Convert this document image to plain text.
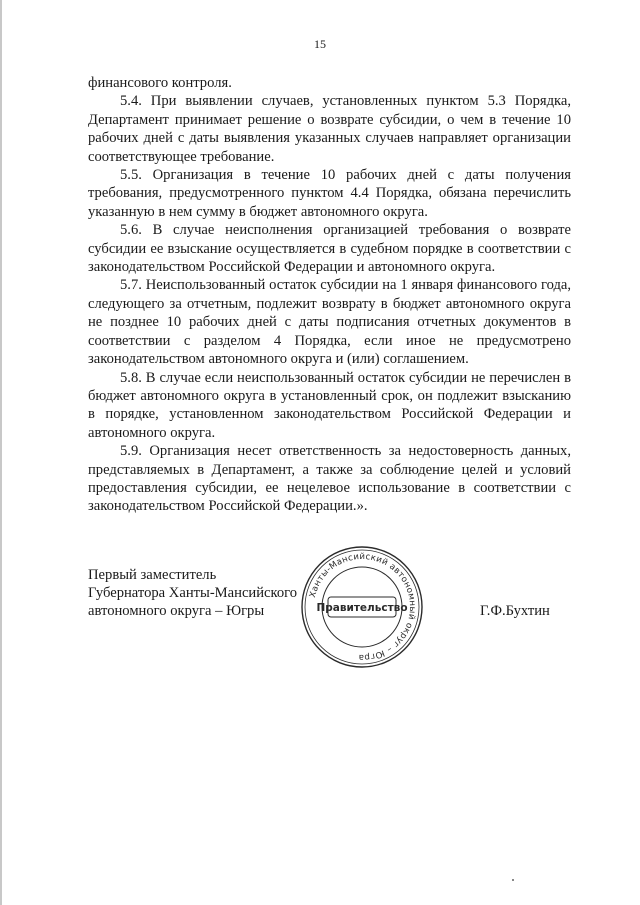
15

финансового контроля.

5.4. При выявлении случаев, установленных пунктом 5.3 Порядка, Департамент принимает решение о возврате субсидии, о чем в течение 10 рабочих дней с даты выявления указанных случаев направляет организации соответствующее требование.

5.5. Организация в течение 10 рабочих дней с даты получения требования, предусмотренного пунктом 4.4 Порядка, обязана перечислить указанную в нем сумму в бюджет автономного округа.

5.6. В случае неисполнения организацией требования о возврате субсидии ее взыскание осуществляется в судебном порядке в соответствии с законодательством Российской Федерации и автономного округа.

5.7. Неиспользованный остаток субсидии на 1 января финансового года, следующего за отчетным, подлежит возврату в бюджет автономного округа не позднее 10 рабочих дней с даты подписания отчетных документов в соответствии с разделом 4 Порядка, если иное не предусмотрено законодательством автономного округа и (или) соглашением.

5.8. В случае если неиспользованный остаток субсидии не перечислен в бюджет автономного округа в установленный срок, он подлежит взысканию в порядке, установленном законодательством Российской Федерации и автономного округа.

5.9. Организация несет ответственность за недостоверность данных, представляемых в Департамент, а также за соблюдение целей и условий предоставления субсидии, ее нецелевое использование в соответствии с законодательством Российской Федерации.».

Первый заместитель
Губернатора Ханты-Мансийского
автономного округа – Югры
Ханты-Мансийский автономный округ – Югра
Правительство	Г.Ф.Бухтин
